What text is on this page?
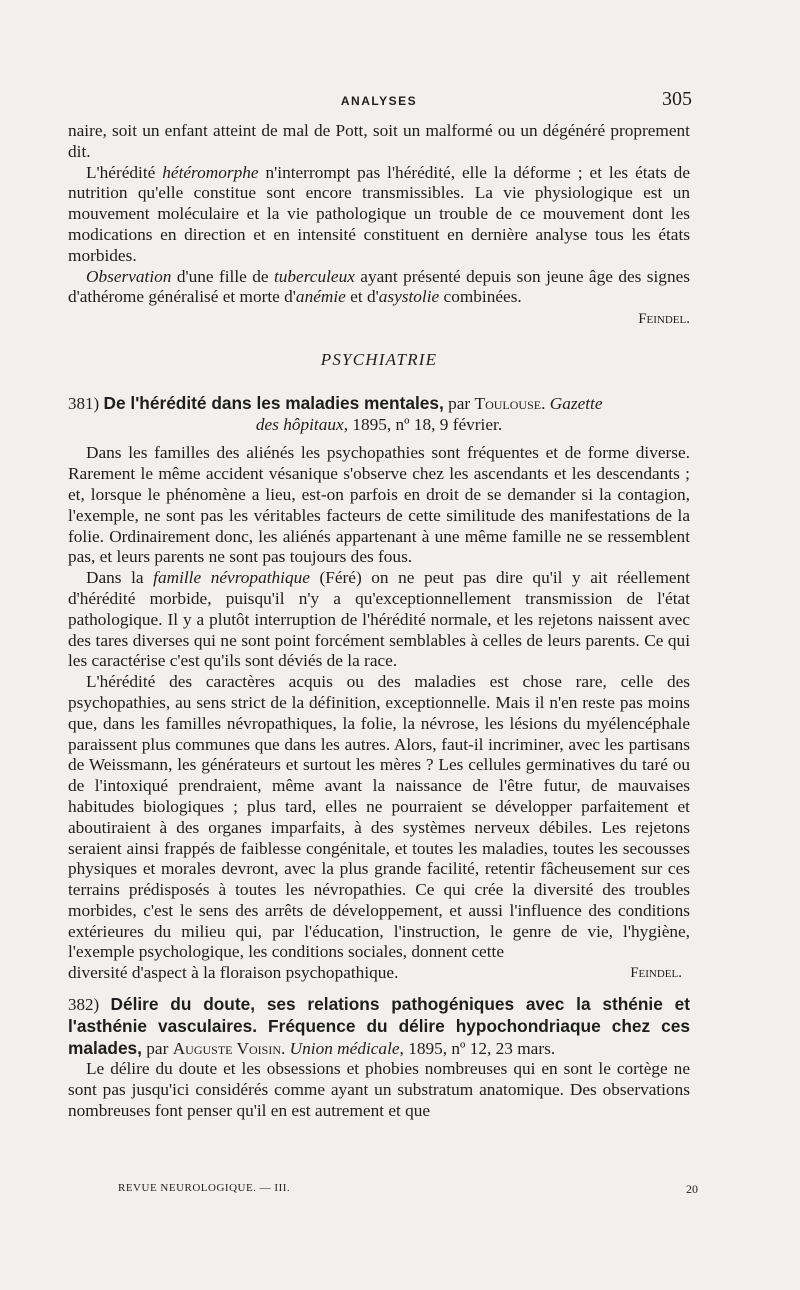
ANALYSES	305

naire, soit un enfant atteint de mal de Pott, soit un malformé ou un dégénéré proprement dit.

L'hérédité hétéromorphe n'interrompt pas l'hérédité, elle la déforme ; et les états de nutrition qu'elle constitue sont encore transmissibles. La vie physiologique est un mouvement moléculaire et la vie pathologique un trouble de ce mouvement dont les modications en direction et en intensité constituent en dernière analyse tous les états morbides.

Observation d'une fille de tuberculeux ayant présenté depuis son jeune âge des signes d'athérome généralisé et morte d'anémie et d'asystolie combinées.

Feindel.

PSYCHIATRIE

381) De l'hérédité dans les maladies mentales, par Toulouse. Gazette

des hôpitaux, 1895, nº 18, 9 février.

Dans les familles des aliénés les psychopathies sont fréquentes et de forme diverse. Rarement le même accident vésanique s'observe chez les ascendants et les descendants ; et, lorsque le phénomène a lieu, est-on parfois en droit de se demander si la contagion, l'exemple, ne sont pas les véritables facteurs de cette similitude des manifestations de la folie. Ordinairement donc, les aliénés appartenant à une même famille ne se ressemblent pas, et leurs parents ne sont pas toujours des fous.

Dans la famille névropathique (Féré) on ne peut pas dire qu'il y ait réellement d'hérédité morbide, puisqu'il n'y a qu'exceptionnellement transmission de l'état pathologique. Il y a plutôt interruption de l'hérédité normale, et les rejetons naissent avec des tares diverses qui ne sont point forcément semblables à celles de leurs parents. Ce qui les caractérise c'est qu'ils sont déviés de la race.

L'hérédité des caractères acquis ou des maladies est chose rare, celle des psychopathies, au sens strict de la définition, exceptionnelle. Mais il n'en reste pas moins que, dans les familles névropathiques, la folie, la névrose, les lésions du myélencéphale paraissent plus communes que dans les autres. Alors, faut-il incriminer, avec les partisans de Weissmann, les générateurs et surtout les mères ? Les cellules germinatives du taré ou de l'intoxiqué prendraient, même avant la naissance de l'être futur, de mauvaises habitudes biologiques ; plus tard, elles ne pourraient se développer parfaitement et aboutiraient à des organes imparfaits, à des systèmes nerveux débiles. Les rejetons seraient ainsi frappés de faiblesse congénitale, et toutes les maladies, toutes les secousses physiques et morales devront, avec la plus grande facilité, retentir fâcheusement sur ces terrains prédisposés à toutes les névropathies. Ce qui crée la diversité des troubles morbides, c'est le sens des arrêts de développement, et aussi l'influence des conditions extérieures du milieu qui, par l'éducation, l'instruction, le genre de vie, l'hygiène, l'exemple psychologique, les conditions sociales, donnent cette

diversité d'aspect à la floraison psychopathique.	Feindel.

382) Délire du doute, ses relations pathogéniques avec la sthénie et l'asthénie vasculaires. Fréquence du délire hypochondriaque chez ces malades, par Auguste Voisin. Union médicale, 1895, nº 12, 23 mars.

Le délire du doute et les obsessions et phobies nombreuses qui en sont le cortège ne sont pas jusqu'ici considérés comme ayant un substratum anatomique. Des observations nombreuses font penser qu'il en est autrement et que

REVUE NEUROLOGIQUE. — III.	20
